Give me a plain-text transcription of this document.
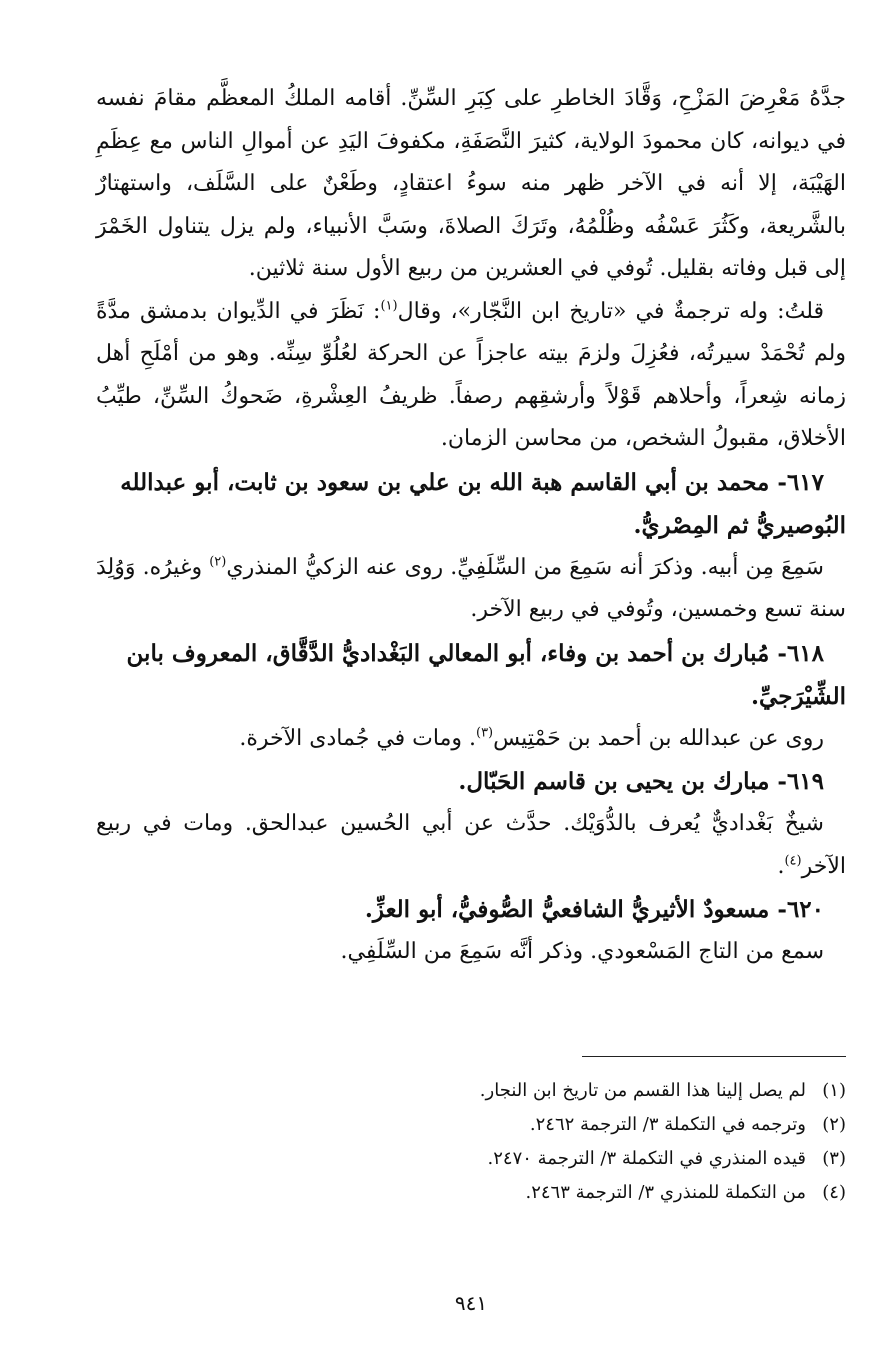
جدَّهُ مَعْرِضَ المَزْحِ، وَقَّادَ الخاطرِ على كِبَرِ السِّنِّ. أقامه الملكُ المعظَّم مقامَ نفسه في ديوانه، كان محمودَ الولاية، كثيرَ النَّصَفَةِ، مكفوفَ اليَدِ عن أموالِ الناس مع عِظَمِ الهَيْبَة، إلا أنه في الآخر ظهر منه سوءُ اعتقادٍ، وطَعْنٌ على السَّلَف، واستهتارٌ بالشَّريعة، وكَثُرَ عَسْفُه وظُلْمُهُ، وتَرَكَ الصلاةَ، وسَبَّ الأنبياء، ولم يزل يتناول الخَمْرَ إلى قبل وفاته بقليل. تُوفي في العشرين من ربيع الأول سنة ثلاثين.

قلتُ: وله ترجمةٌ في «تاريخ ابن النَّجّار»، وقال$^{(١)}$: نَظَرَ في الدِّيوان بدمشق مدَّةً ولم تُحْمَدْ سيرتُه، فعُزِلَ ولزمَ بيته عاجزاً عن الحركة لعُلُوِّ سِنِّه. وهو من أمْلَحِ أهل زمانه شِعراً، وأحلاهم قَوْلاً وأرشقِهم رصفاً. ظريفُ العِشْرةِ، ضَحوكُ السِّنِّ، طيِّبُ الأخلاق، مقبولُ الشخص، من محاسن الزمان.

٦١٧- محمد بن أبي القاسم هبة الله بن علي بن سعود بن ثابت، أبو عبدالله البُوصيريُّ ثم المِصْريُّ.

سَمِعَ مِن أبيه. وذكرَ أنه سَمِعَ من السِّلَفِيِّ. روى عنه الزكيُّ المنذري$^{(٢)}$ وغيرُه. وَوُلِدَ سنة تسع وخمسين، وتُوفي في ربيع الآخر.

٦١٨- مُبارك بن أحمد بن وفاء، أبو المعالي البَغْداديُّ الدَّقَّاق، المعروف بابن الشِّيْرَجيِّ.

روى عن عبدالله بن أحمد بن حَمْتِيس$^{(٣)}$. ومات في جُمادى الآخرة.

٦١٩- مبارك بن يحيى بن قاسم الحَبّال.

شيخٌ بَغْداديٌّ يُعرف بالدُّوَيْك. حدَّث عن أبي الحُسين عبدالحق. ومات في ربيع الآخر$^{(٤)}$.

٦٢٠- مسعودٌ الأثيريُّ الشافعيُّ الصُّوفيُّ، أبو العزِّ.

سمع من التاج المَسْعودي. وذكر أنَّه سَمِعَ من السِّلَفِي.

(١)
لم يصل إلينا هذا القسم من تاريخ ابن النجار.
(٢)
وترجمه في التكملة ٣/ الترجمة ٢٤٦٢.
(٣)
قيده المنذري في التكملة ٣/ الترجمة ٢٤٧٠.
(٤)
من التكملة للمنذري ٣/ الترجمة ٢٤٦٣.
٩٤١
